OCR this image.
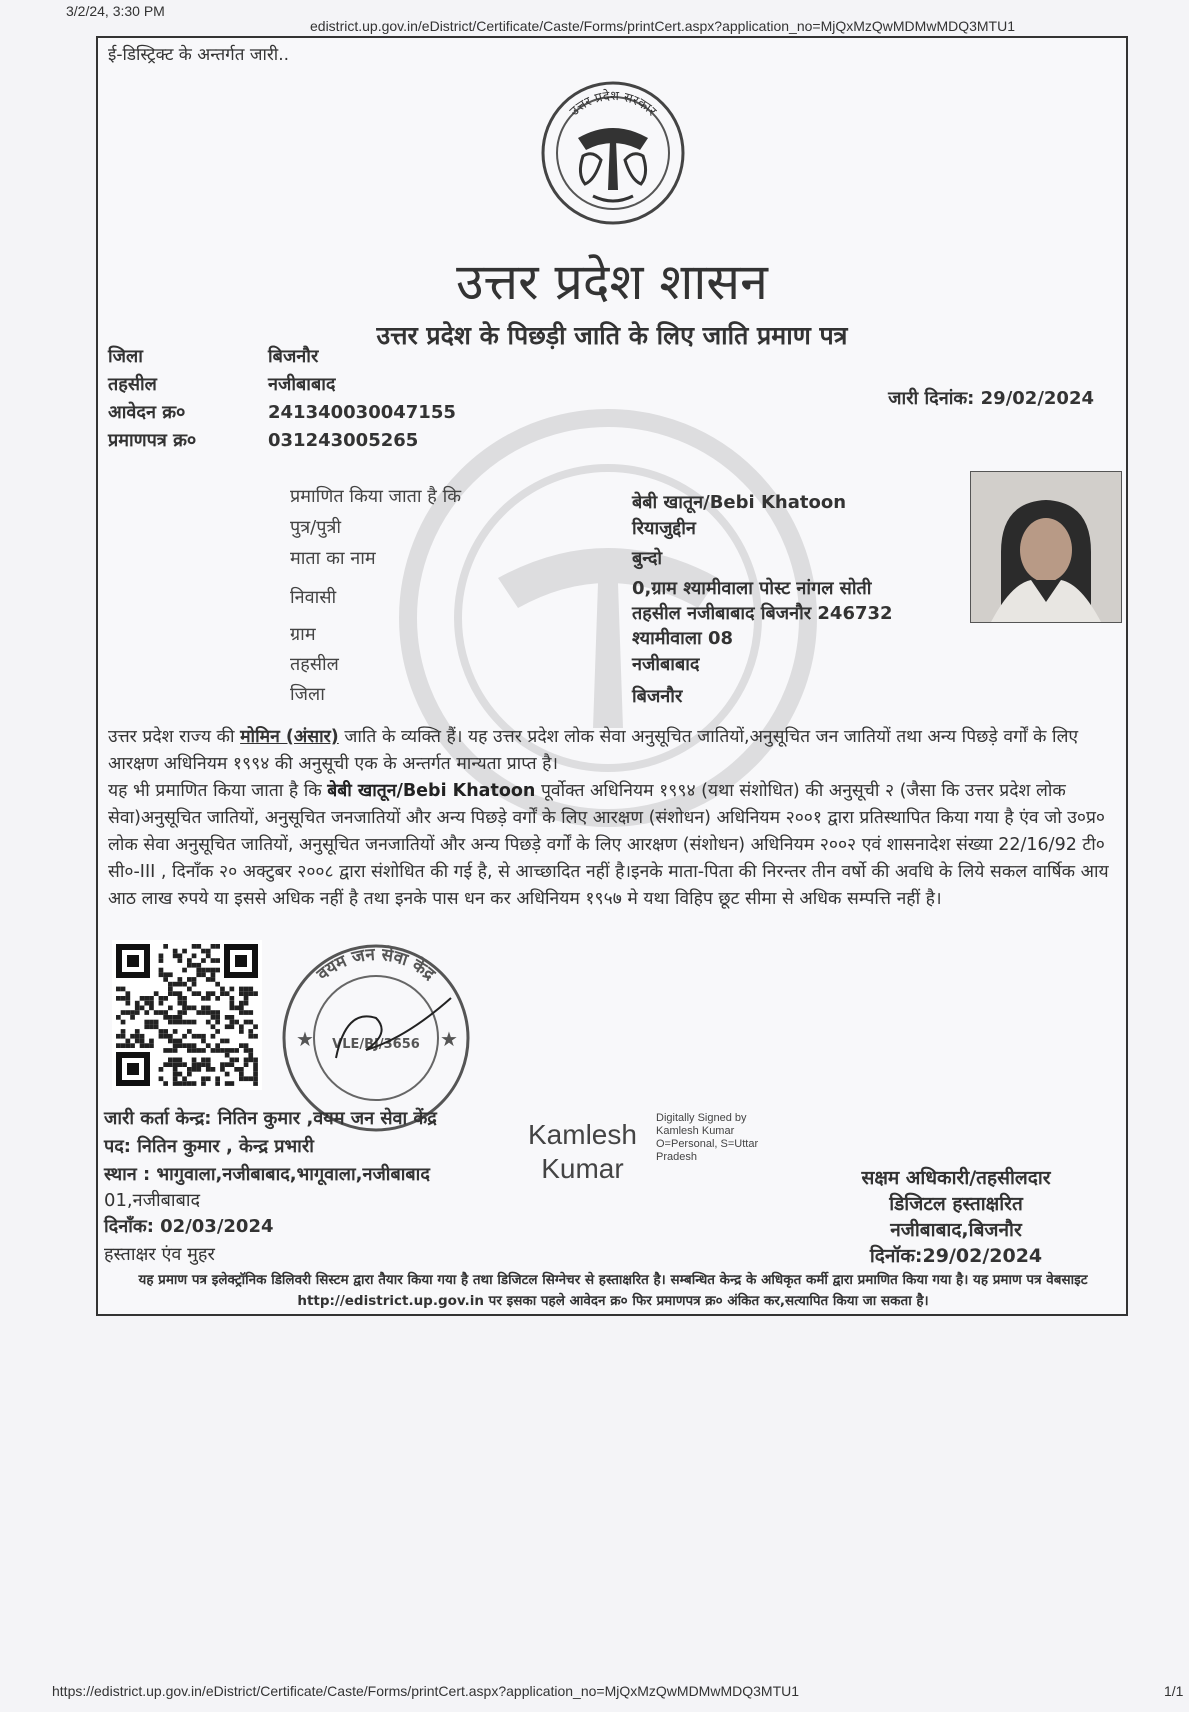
3/2/24, 3:30 PM
edistrict.up.gov.in/eDistrict/Certificate/Caste/Forms/printCert.aspx?application_no=MjQxMzQwMDMwMDQ3MTU1
ई-डिस्ट्रिक्ट के अन्तर्गत जारी..
उत्तर प्रदेश सरकार
उत्तर प्रदेश शासन
उत्तर प्रदेश के पिछड़ी जाति के लिए जाति प्रमाण पत्र
जिला	बिजनौर
तहसील	नजीबाबाद
आवेदन क्र०	241340030047155
प्रमाणपत्र क्र०	031243005265
जारी दिनांक: 29/02/2024
प्रमाणित किया जाता है कि	बेबी खातून/Bebi Khatoon
पुत्र/पुत्री	रियाजुद्दीन
माता का नाम	बुन्दो
निवासी	0,ग्राम श्यामीवाला पोस्ट नांगल सोती
तहसील नजीबाबाद बिजनौर 246732
ग्राम	श्यामीवाला 08
तहसील	नजीबाबाद
जिला	बिजनौर
उत्तर प्रदेश राज्य की मोमिन (अंसार) जाति के व्यक्ति हैं। यह उत्तर प्रदेश लोक सेवा अनुसूचित जातियों,अनुसूचित जन जातियों तथा अन्य पिछड़े वर्गों के लिए आरक्षण अधिनियम १९९४ की अनुसूची एक के अन्तर्गत मान्यता प्राप्त है।
यह भी प्रमाणित किया जाता है कि बेबी खातून/Bebi Khatoon पूर्वोक्त अधिनियम १९९४ (यथा संशोधित) की अनुसूची २ (जैसा कि उत्तर प्रदेश लोक सेवा)अनुसूचित जातियों, अनुसूचित जनजातियों और अन्य पिछड़े वर्गों के लिए आरक्षण (संशोधन) अधिनियम २००१ द्वारा प्रतिस्थापित किया गया है एंव जो उ०प्र० लोक सेवा अनुसूचित जातियों, अनुसूचित जनजातियों और अन्य पिछड़े वर्गों के लिए आरक्षण (संशोधन) अधिनियम २००२ एवं शासनादेश संख्या 22/16/92 टी० सी०-III , दिनाँक २० अक्टुबर २००८ द्वारा संशोधित की गई है, से आच्छादित नहीं है।इनके माता-पिता की निरन्तर तीन वर्षो की अवधि के लिये सकल वार्षिक आय आठ लाख रुपये या इससे अधिक नहीं है तथा इनके पास धन कर अधिनियम १९५७ मे यथा विहिप छूट सीमा से अधिक सम्पत्ति नहीं है।
वयम जन सेवा केंद्र
VLE/BJ/3656
★	★
जारी कर्ता केन्द्र: नितिन कुमार ,वयम जन सेवा केंद्र
पद: नितिन कुमार , केन्द्र प्रभारी
स्थान : भागुवाला,नजीबाबाद,भागूवाला,नजीबाबाद
01,नजीबाबाद
दिनाँक: 02/03/2024
हस्ताक्षर एंव मुहर
Kamlesh
Kumar
Digitally Signed by Kamlesh Kumar O=Personal, S=Uttar Pradesh
सक्षम अधिकारी/तहसीलदार
डिजिटल हस्ताक्षरित
नजीबाबाद,बिजनौर
दिनॉक:29/02/2024
यह प्रमाण पत्र इलेक्ट्रॉनिक डिलिवरी सिस्टम द्वारा तैयार किया गया है तथा डिजिटल सिग्नेचर से हस्ताक्षरित है। सम्बन्धित केन्द्र के अधिकृत कर्मी द्वारा प्रमाणित किया गया है। यह प्रमाण पत्र वेबसाइट http://edistrict.up.gov.in पर इसका पहले आवेदन क्र० फिर प्रमाणपत्र क्र० अंकित कर,सत्यापित किया जा सकता है।
https://edistrict.up.gov.in/eDistrict/Certificate/Caste/Forms/printCert.aspx?application_no=MjQxMzQwMDMwMDQ3MTU1	1/1
